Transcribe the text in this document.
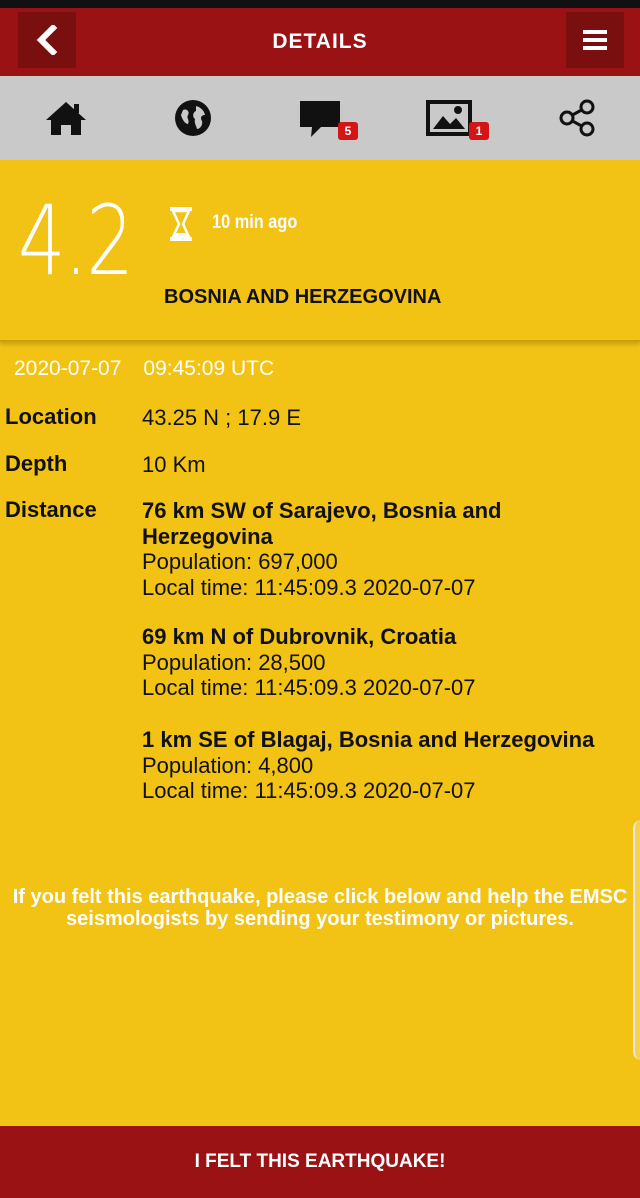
DETAILS
5	1
4.2	10 min ago
BOSNIA AND HERZEGOVINA
2020-07-07 09:45:09 UTC
Location 43.25 N ; 17.9 E
Depth	10 Km
Distance 76 km SW of Sarajevo, Bosnia and Herzegovina
Population: 697,000
Local time: 11:45:09.3 2020-07-07
69 km N of Dubrovnik, Croatia
Population: 28,500
Local time: 11:45:09.3 2020-07-07
1 km SE of Blagaj, Bosnia and Herzegovina
Population: 4,800
Local time: 11:45:09.3 2020-07-07
If you felt this earthquake, please click below and help the EMSC seismologists by sending your testimony or pictures.
I FELT THIS EARTHQUAKE!
